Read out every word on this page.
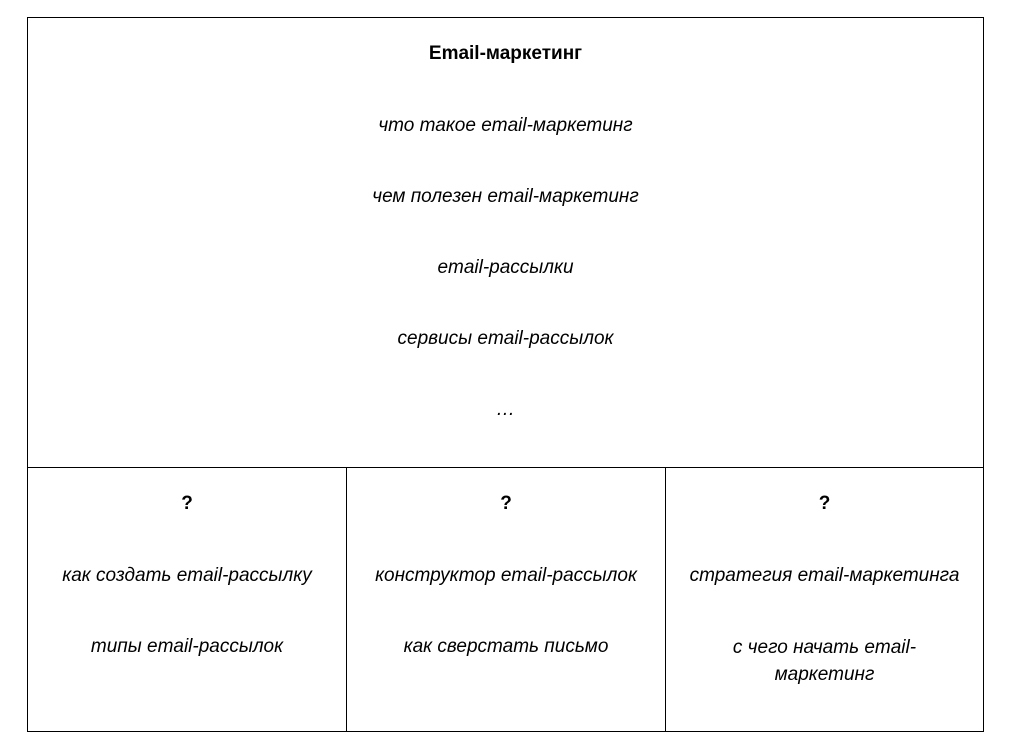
Email-маркетинг
что такое email-маркетинг
чем полезен email-маркетинг
email-рассылки
сервисы email-рассылок
…
?
как создать email-рассылку
типы email-рассылок
?
конструктор email-рассылок
как сверстать письмо
?
стратегия email-маркетинга
с чего начать email-маркетинг
